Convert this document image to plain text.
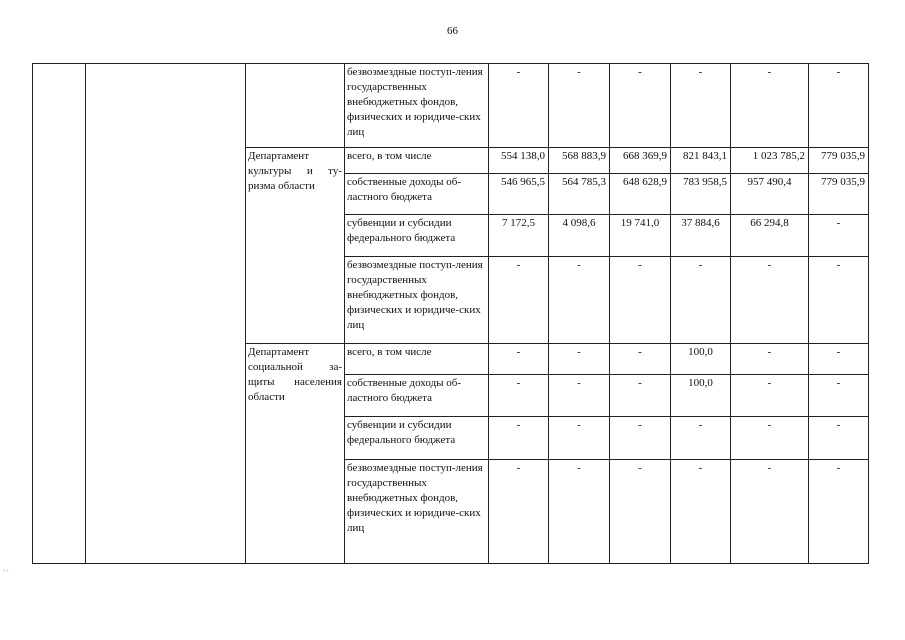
66
			безвозмездные поступ-ления государственных внебюджетных фондов, физических и юридиче-ских лиц	-	-	-	-	-	-
		Департамент культуры и ту-ризма области	всего, в том числе	554 138,0	568 883,9	668 369,9	821 843,1	1 023 785,2	779 035,9
			собственные доходы об-ластного бюджета	546 965,5	564 785,3	648 628,9	783 958,5	957 490,4	779 035,9
			субвенции и субсидии федерального бюджета	7 172,5	4 098,6	19 741,0	37 884,6	66 294,8	-
			безвозмездные поступ-ления государственных внебюджетных фондов, физических и юридиче-ских лиц	-	-	-	-	-	-
		Департамент социальной за-щиты населения области	всего, в том числе	-	-	-	100,0	-	-
			собственные доходы об-ластного бюджета	-	-	-	100,0	-	-
			субвенции и субсидии федерального бюджета	-	-	-	-	-	-
			безвозмездные поступ-ления государственных внебюджетных фондов, физических и юридиче-ских лиц	-	-	-	-	-	-
⸗ ⸗
